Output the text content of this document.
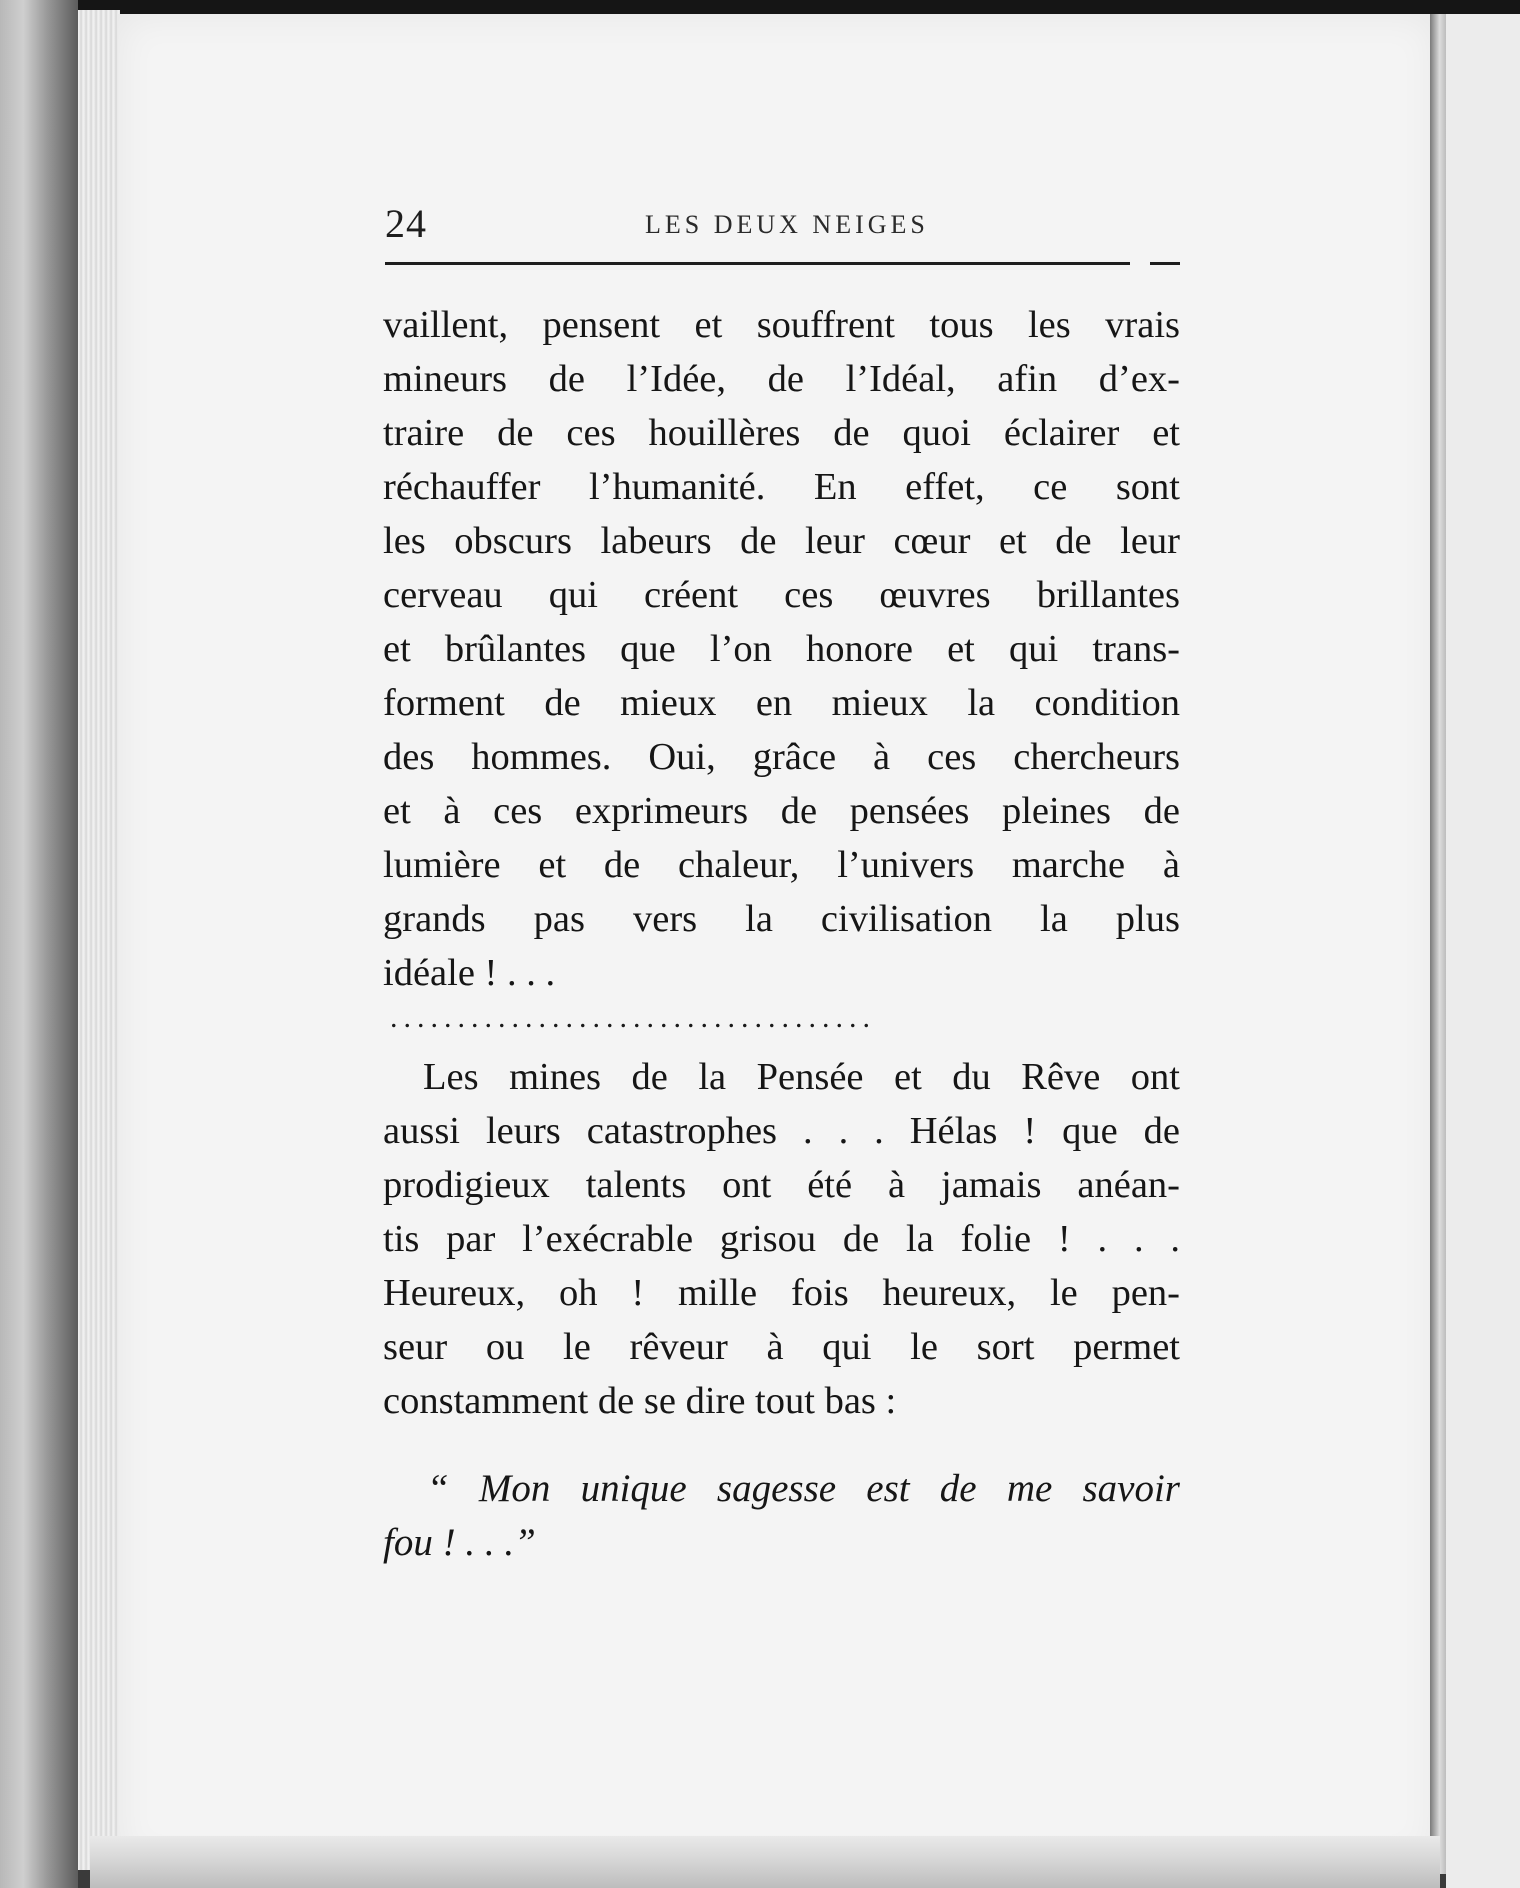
24	LES DEUX NEIGES
vaillent, pensent et souffrent tous les vrais
mineurs de l’Idée, de l’Idéal, afin d’ex-
traire de ces houillères de quoi éclairer et
réchauffer l’humanité. En effet, ce sont
les obscurs labeurs de leur cœur et de leur
cerveau qui créent ces œuvres brillantes
et brûlantes que l’on honore et qui trans-
forment de mieux en mieux la condition
des hommes. Oui, grâce à ces chercheurs
et à ces exprimeurs de pensées pleines de
lumière et de chaleur, l’univers marche à
grands pas vers la civilisation la plus
idéale ! . . .
....................................
Les mines de la Pensée et du Rêve ont
aussi leurs catastrophes . . . Hélas ! que de
prodigieux talents ont été à jamais anéan-
tis par l’exécrable grisou de la folie ! . . .
Heureux, oh ! mille fois heureux, le pen-
seur ou le rêveur à qui le sort permet
constamment de se dire tout bas :
“ Mon unique sagesse est de me savoir
fou ! . . .”
